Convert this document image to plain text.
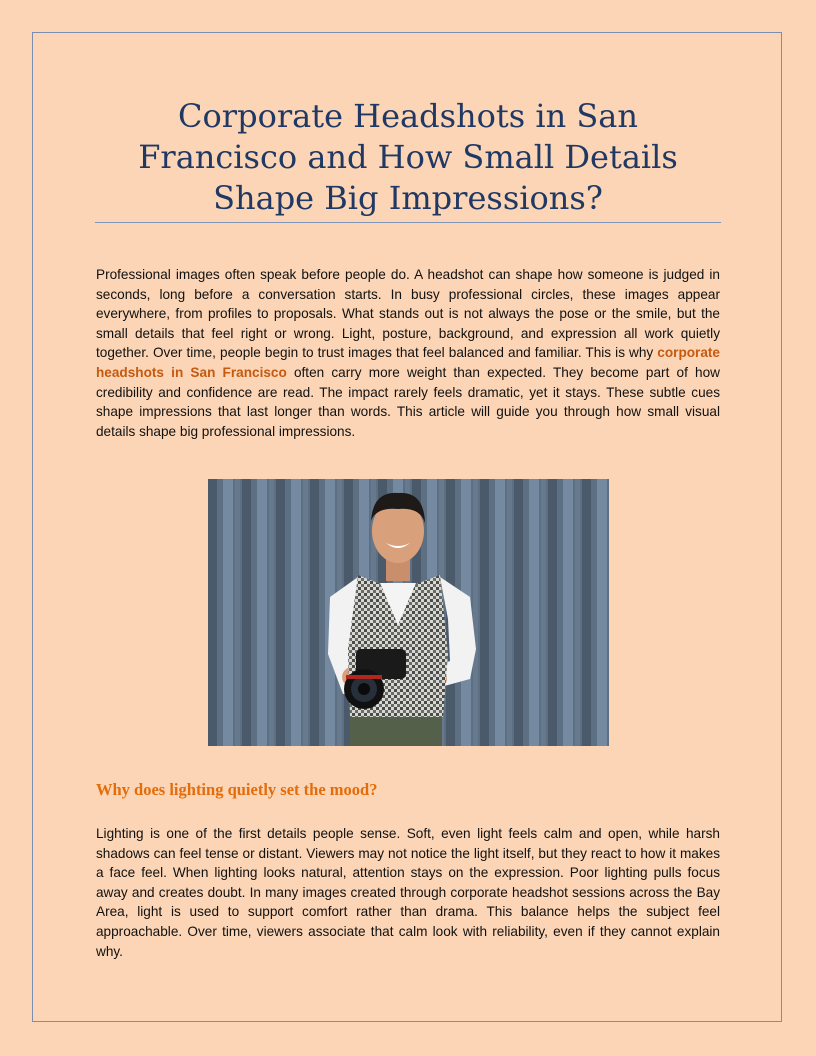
Corporate Headshots in San Francisco and How Small Details Shape Big Impressions?

Professional images often speak before people do. A headshot can shape how someone is judged in seconds, long before a conversation starts. In busy professional circles, these images appear everywhere, from profiles to proposals. What stands out is not always the pose or the smile, but the small details that feel right or wrong. Light, posture, background, and expression all work quietly together. Over time, people begin to trust images that feel balanced and familiar. This is why corporate headshots in San Francisco often carry more weight than expected. They become part of how credibility and confidence are read. The impact rarely feels dramatic, yet it stays. These subtle cues shape impressions that last longer than words. This article will guide you through how small visual details shape big professional impressions.

Why does lighting quietly set the mood?

Lighting is one of the first details people sense. Soft, even light feels calm and open, while harsh shadows can feel tense or distant. Viewers may not notice the light itself, but they react to how it makes a face feel. When lighting looks natural, attention stays on the expression. Poor lighting pulls focus away and creates doubt. In many images created through corporate headshot sessions across the Bay Area, light is used to support comfort rather than drama. This balance helps the subject feel approachable. Over time, viewers associate that calm look with reliability, even if they cannot explain why.
